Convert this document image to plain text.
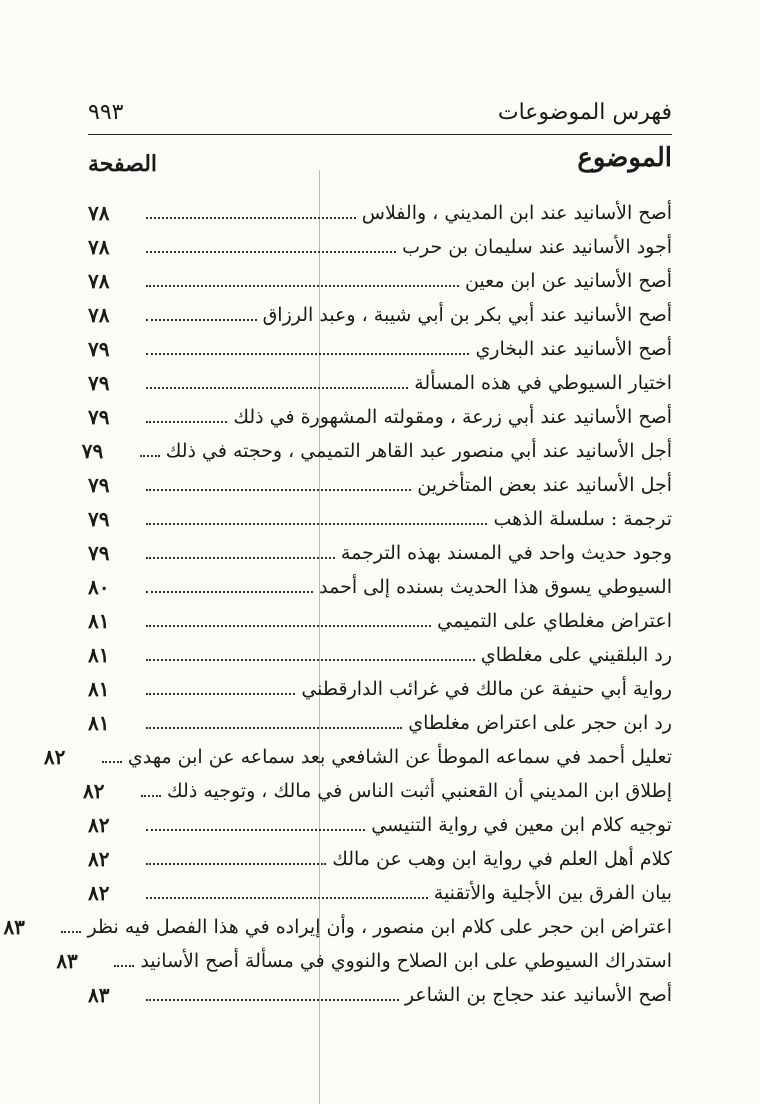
فهرس الموضوعات
٩٩٣
الموضوع
الصفحة
أصح الأسانيد عند ابن المديني ، والفلاس
٧٨
أجود الأسانيد عند سليمان بن حرب
٧٨
أصح الأسانيد عن ابن معين
٧٨
أصح الأسانيد عند أبي بكر بن أبي شيبة ، وعبد الرزاق
٧٨
أصح الأسانيد عند البخاري
٧٩
اختيار السيوطي في هذه المسألة
٧٩
أصح الأسانيد عند أبي زرعة ، ومقولته المشهورة في ذلك
٧٩
أجل الأسانيد عند أبي منصور عبد القاهر التميمي ، وحجته في ذلك
٧٩
أجل الأسانيد عند بعض المتأخرين
٧٩
ترجمة : سلسلة الذهب
٧٩
وجود حديث واحد في المسند بهذه الترجمة
٧٩
السيوطي يسوق هذا الحديث بسنده إلى أحمد
٨٠
اعتراض مغلطاي على التميمي
٨١
رد البلقيني على مغلطاي
٨١
رواية أبي حنيفة عن مالك في غرائب الدارقطني
٨١
رد ابن حجر على اعتراض مغلطاي
٨١
تعليل أحمد في سماعه الموطأ عن الشافعي بعد سماعه عن ابن مهدي
٨٢
إطلاق ابن المديني أن القعنبي أثبت الناس في مالك ، وتوجيه ذلك
٨٢
توجيه كلام ابن معين في رواية التنيسي
٨٢
كلام أهل العلم في رواية ابن وهب عن مالك
٨٢
بيان الفرق بين الأجلية والأتقنية
٨٢
اعتراض ابن حجر على كلام ابن منصور ، وأن إيراده في هذا الفصل فيه نظر
٨٣
استدراك السيوطي على ابن الصلاح والنووي في مسألة أصح الأسانيد
٨٣
أصح الأسانيد عند حجاج بن الشاعر
٨٣
